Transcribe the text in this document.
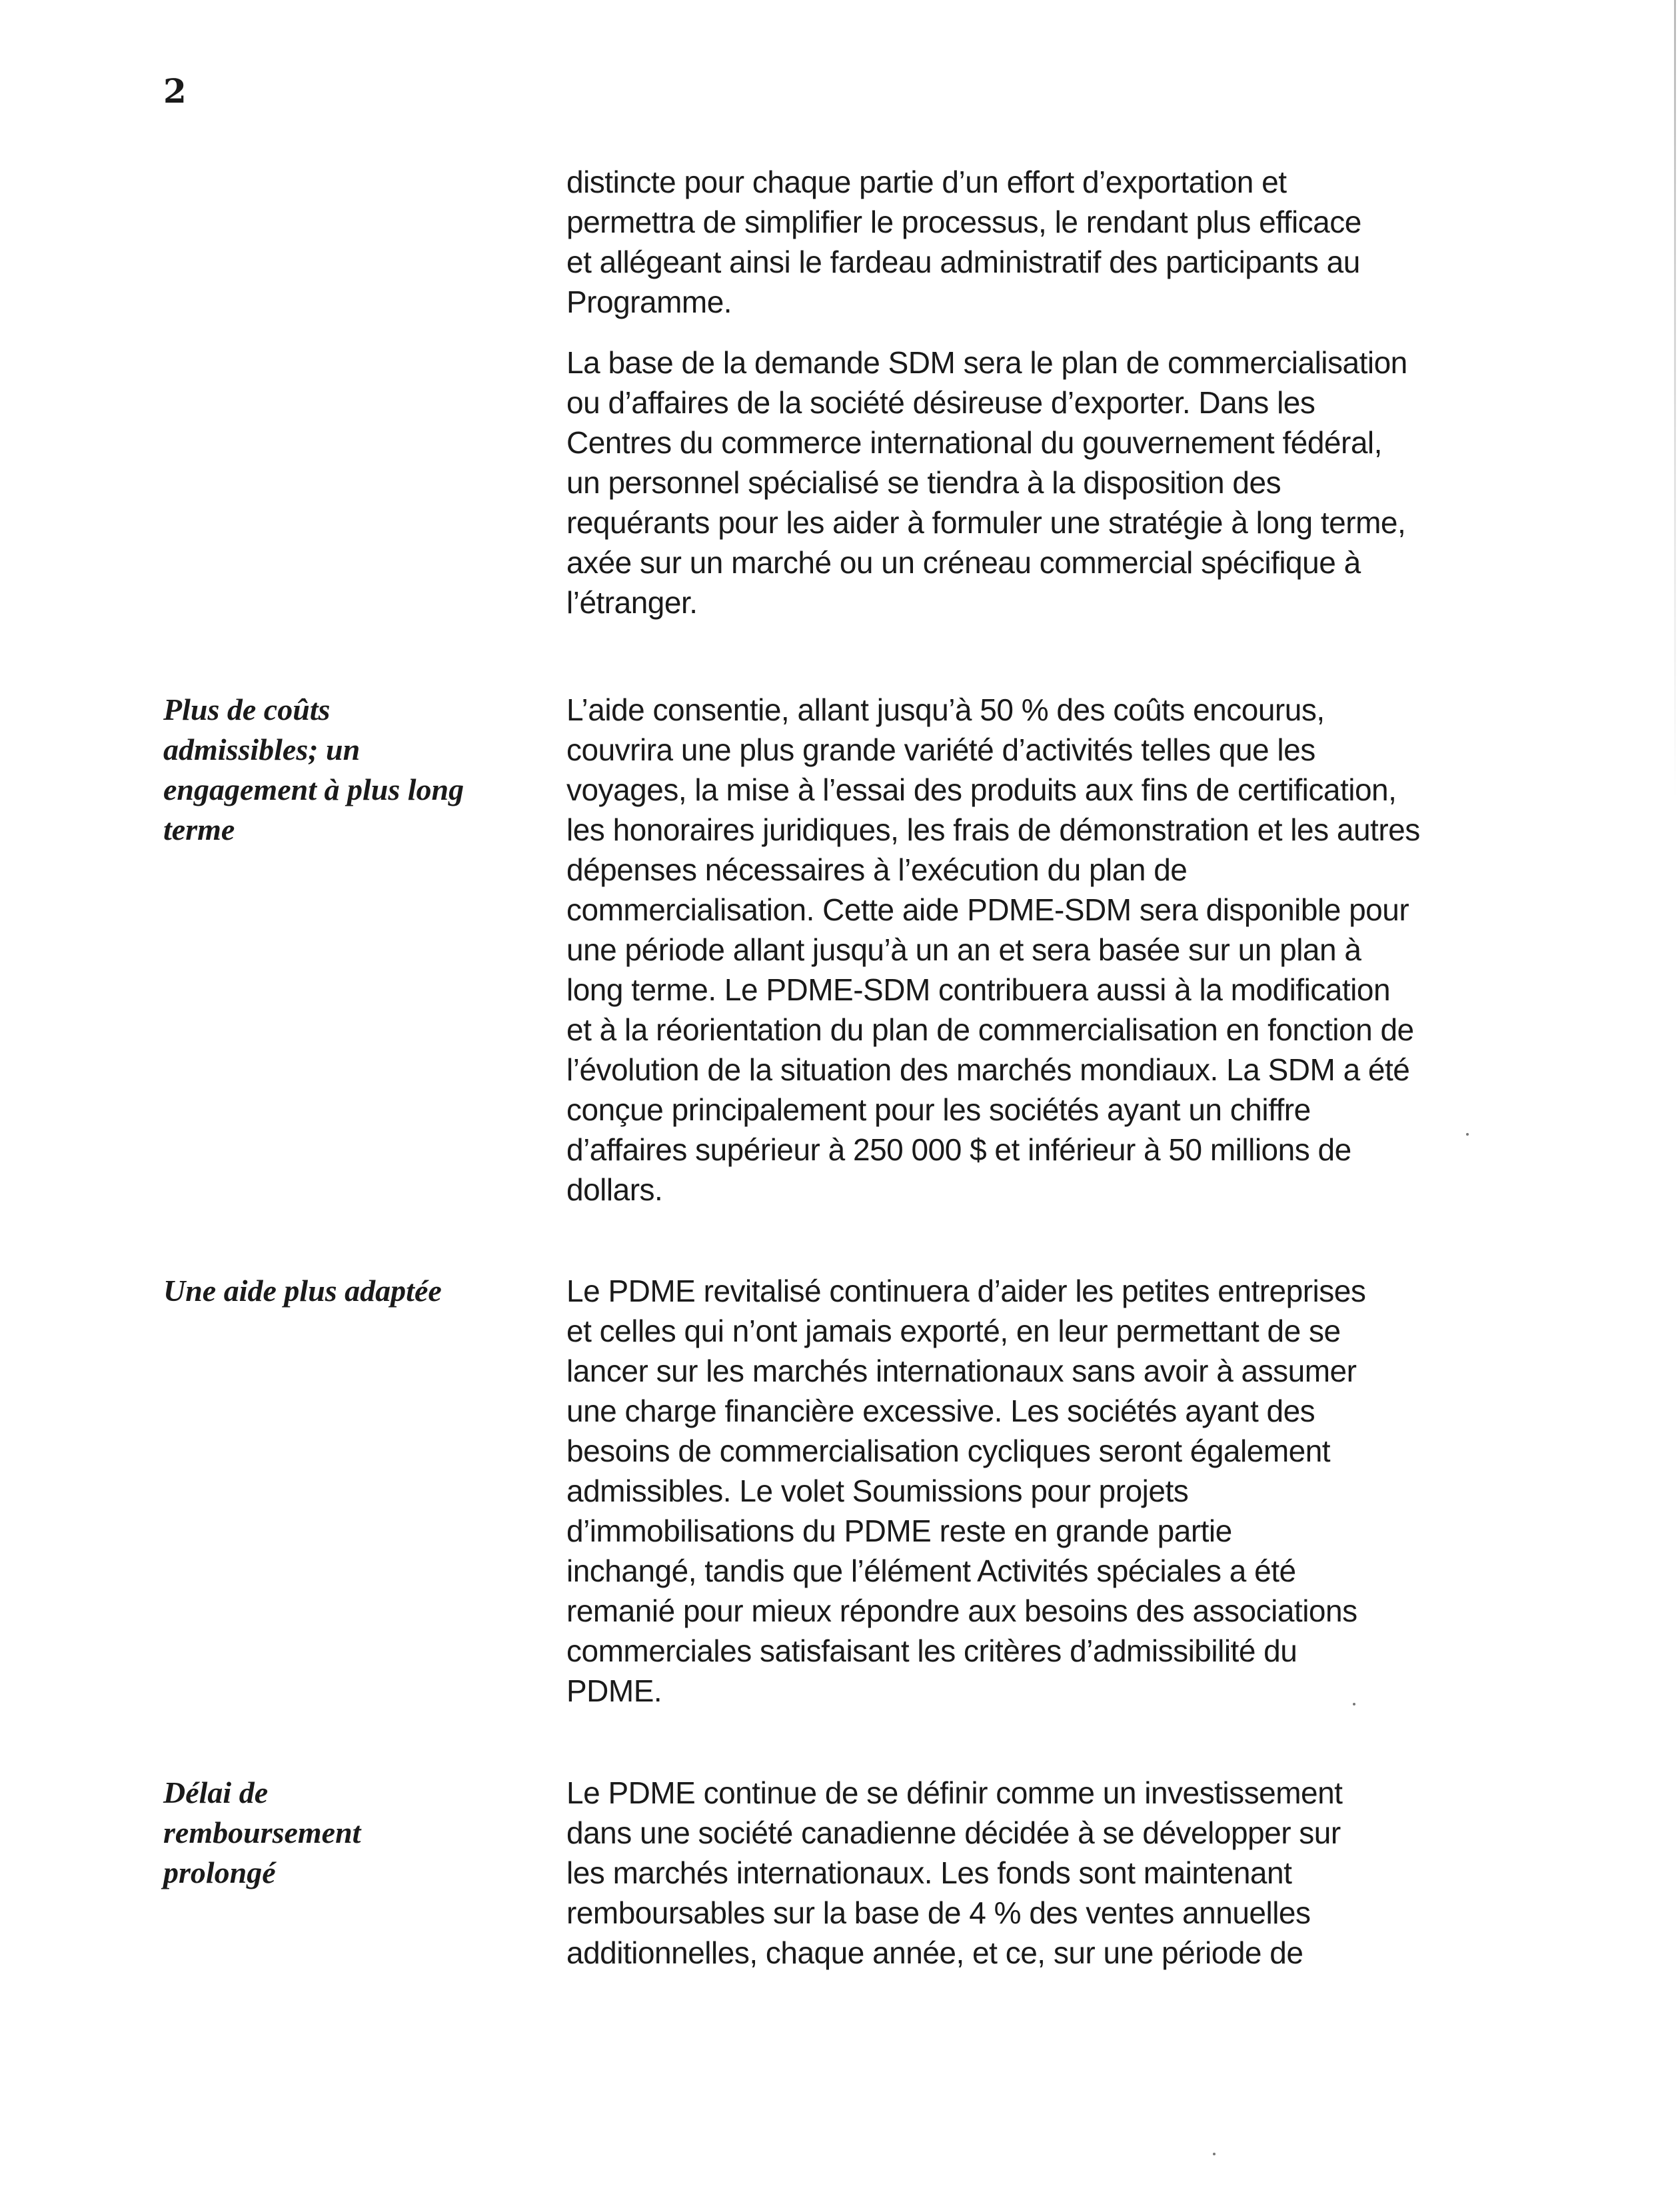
2

distincte pour chaque partie d’un effort d’exportation et
permettra de simplifier le processus, le rendant plus efficace
et allégeant ainsi le fardeau administratif des participants au
Programme.

La base de la demande SDM sera le plan de commercialisation
ou d’affaires de la société désireuse d’exporter. Dans les
Centres du commerce international du gouvernement fédéral,
un personnel spécialisé se tiendra à la disposition des
requérants pour les aider à formuler une stratégie à long terme,
axée sur un marché ou un créneau commercial spécifique à
l’étranger.

Plus de coûts
admissibles; un
engagement à plus long
terme

L’aide consentie, allant jusqu’à 50 % des coûts encourus,
couvrira une plus grande variété d’activités telles que les
voyages, la mise à l’essai des produits aux fins de certification,
les honoraires juridiques, les frais de démonstration et les autres
dépenses nécessaires à l’exécution du plan de
commercialisation. Cette aide PDME-SDM sera disponible pour
une période allant jusqu’à un an et sera basée sur un plan à
long terme. Le PDME-SDM contribuera aussi à la modification
et à la réorientation du plan de commercialisation en fonction de
l’évolution de la situation des marchés mondiaux. La SDM a été
conçue principalement pour les sociétés ayant un chiffre
d’affaires supérieur à 250 000 $ et inférieur à 50 millions de
dollars.

Une aide plus adaptée	Le PDME revitalisé continuera d’aider les petites entreprises
et celles qui n’ont jamais exporté, en leur permettant de se
lancer sur les marchés internationaux sans avoir à assumer
une charge financière excessive. Les sociétés ayant des
besoins de commercialisation cycliques seront également
admissibles. Le volet Soumissions pour projets
d’immobilisations du PDME reste en grande partie
inchangé, tandis que l’élément Activités spéciales a été
remanié pour mieux répondre aux besoins des associations
commerciales satisfaisant les critères d’admissibilité du
PDME.

Délai de
remboursement
prolongé

Le PDME continue de se définir comme un investissement
dans une société canadienne décidée à se développer sur
les marchés internationaux. Les fonds sont maintenant
remboursables sur la base de 4 % des ventes annuelles
additionnelles, chaque année, et ce, sur une période de
